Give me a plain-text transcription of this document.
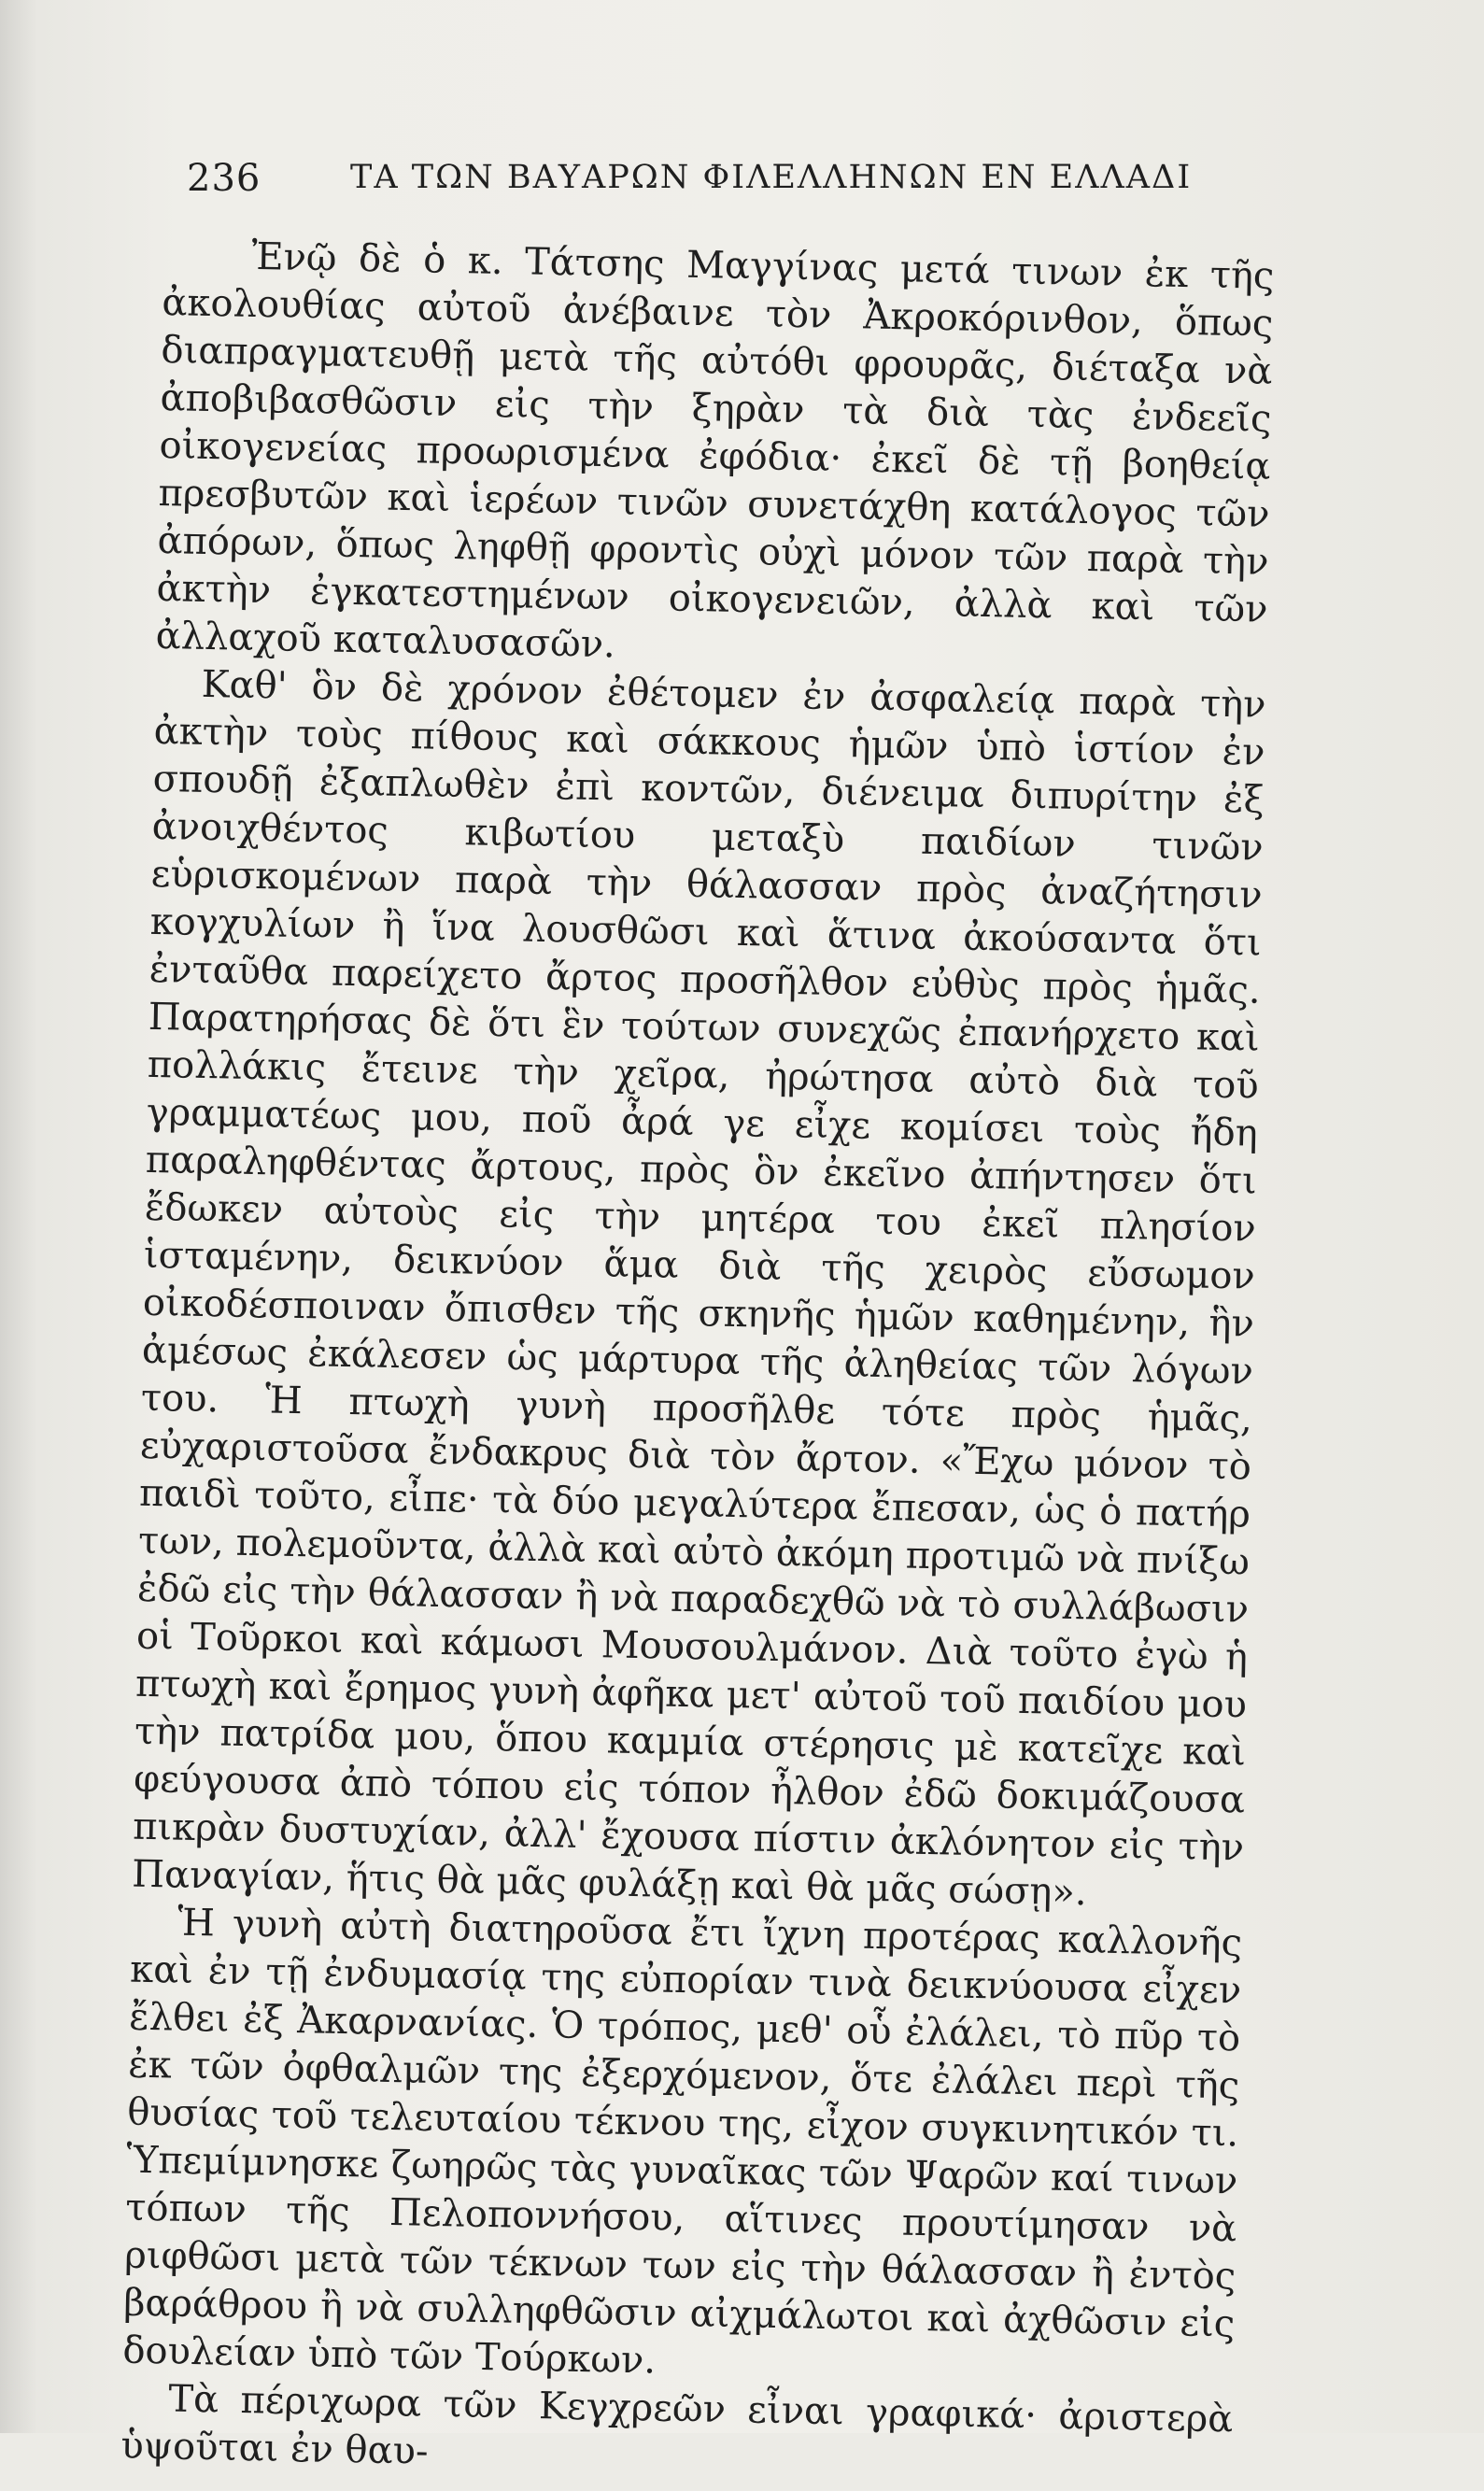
236	ΤΑ ΤΩΝ ΒΑΥΑΡΩΝ ΦΙΛΕΛΛΗΝΩΝ ΕΝ ΕΛΛΑΔΙ

Ἐνῷ δὲ ὁ κ. Τάτσης Μαγγίνας μετά τινων ἐκ τῆς ἀκολουθίας αὐτοῦ ἀνέβαινε τὸν Ἀκροκόρινθον, ὅπως διαπραγματευθῇ μετὰ τῆς αὐτόθι φρουρᾶς, διέταξα νὰ ἀποβιβασθῶσιν εἰς τὴν ξηρὰν τὰ διὰ τὰς ἐνδεεῖς οἰκογενείας προωρισμένα ἐφόδια· ἐκεῖ δὲ τῇ βοηθείᾳ πρεσβυτῶν καὶ ἱερέων τινῶν συνετάχθη κατάλογος τῶν ἀπόρων, ὅπως ληφθῇ φροντὶς οὐχὶ μόνον τῶν παρὰ τὴν ἀκτὴν ἐγκατεστημένων οἰκογενειῶν, ἀλλὰ καὶ τῶν ἀλλαχοῦ καταλυσασῶν.

Καθ' ὃν δὲ χρόνον ἐθέτομεν ἐν ἀσφαλείᾳ παρὰ τὴν ἀκτὴν τοὺς πίθους καὶ σάκκους ἡμῶν ὑπὸ ἱστίον ἐν σπουδῇ ἐξαπλωθὲν ἐπὶ κοντῶν, διένειμα διπυρίτην ἐξ ἀνοιχθέντος κιβωτίου μεταξὺ παιδίων τινῶν εὑρισκομένων παρὰ τὴν θάλασσαν πρὸς ἀναζήτησιν κογχυλίων ἢ ἵνα λουσθῶσι καὶ ἅτινα ἀκούσαντα ὅτι ἐνταῦθα παρείχετο ἄρτος προσῆλθον εὐθὺς πρὸς ἡμᾶς. Παρατηρήσας δὲ ὅτι ἓν τούτων συνεχῶς ἐπανήρχετο καὶ πολλάκις ἔτεινε τὴν χεῖρα, ἠρώτησα αὐτὸ διὰ τοῦ γραμματέως μου, ποῦ ἆρά γε εἶχε κομίσει τοὺς ἤδη παραληφθέντας ἄρτους, πρὸς ὃν ἐκεῖνο ἀπήντησεν ὅτι ἔδωκεν αὐτοὺς εἰς τὴν μητέρα του ἐκεῖ πλησίον ἱσταμένην, δεικνύον ἅμα διὰ τῆς χειρὸς εὔσωμον οἰκοδέσποιναν ὄπισθεν τῆς σκηνῆς ἡμῶν καθημένην, ἣν ἀμέσως ἐκάλεσεν ὡς μάρτυρα τῆς ἀληθείας τῶν λόγων του. Ἡ πτωχὴ γυνὴ προσῆλθε τότε πρὸς ἡμᾶς, εὐχαριστοῦσα ἔνδακρυς διὰ τὸν ἄρτον. «Ἔχω μόνον τὸ παιδὶ τοῦτο, εἶπε· τὰ δύο μεγαλύτερα ἔπεσαν, ὡς ὁ πατήρ των, πολεμοῦντα, ἀλλὰ καὶ αὐτὸ ἀκόμη προτιμῶ νὰ πνίξω ἐδῶ εἰς τὴν θάλασσαν ἢ νὰ παραδεχθῶ νὰ τὸ συλλάβωσιν οἱ Τοῦρκοι καὶ κάμωσι Μουσουλμάνον. Διὰ τοῦτο ἐγὼ ἡ πτωχὴ καὶ ἔρημος γυνὴ ἀφῆκα μετ' αὐτοῦ τοῦ παιδίου μου τὴν πατρίδα μου, ὅπου καμμία στέρησις μὲ κατεῖχε καὶ φεύγουσα ἀπὸ τόπου εἰς τόπον ἦλθον ἐδῶ δοκιμάζουσα πικρὰν δυστυχίαν, ἀλλ' ἔχουσα πίστιν ἀκλόνητον εἰς τὴν Παναγίαν, ἥτις θὰ μᾶς φυλάξῃ καὶ θὰ μᾶς σώσῃ».

Ἡ γυνὴ αὐτὴ διατηροῦσα ἔτι ἴχνη προτέρας καλλονῆς καὶ ἐν τῇ ἐνδυμασίᾳ της εὐπορίαν τινὰ δεικνύουσα εἶχεν ἔλθει ἐξ Ἀκαρνανίας. Ὁ τρόπος, μεθ' οὗ ἐλάλει, τὸ πῦρ τὸ ἐκ τῶν ὀφθαλμῶν της ἐξερχόμενον, ὅτε ἐλάλει περὶ τῆς θυσίας τοῦ τελευταίου τέκνου της, εἶχον συγκινητικόν τι. Ὑπεμίμνησκε ζωηρῶς τὰς γυναῖκας τῶν Ψαρῶν καί τινων τόπων τῆς Πελοποννήσου, αἵτινες προυτίμησαν νὰ ριφθῶσι μετὰ τῶν τέκνων των εἰς τὴν θάλασσαν ἢ ἐντὸς βαράθρου ἢ νὰ συλληφθῶσιν αἰχμάλωτοι καὶ ἀχθῶσιν εἰς δουλείαν ὑπὸ τῶν Τούρκων.

Τὰ πέριχωρα τῶν Κεγχρεῶν εἶναι γραφικά· ἀριστερὰ ὑψοῦται ἐν θαυ-
